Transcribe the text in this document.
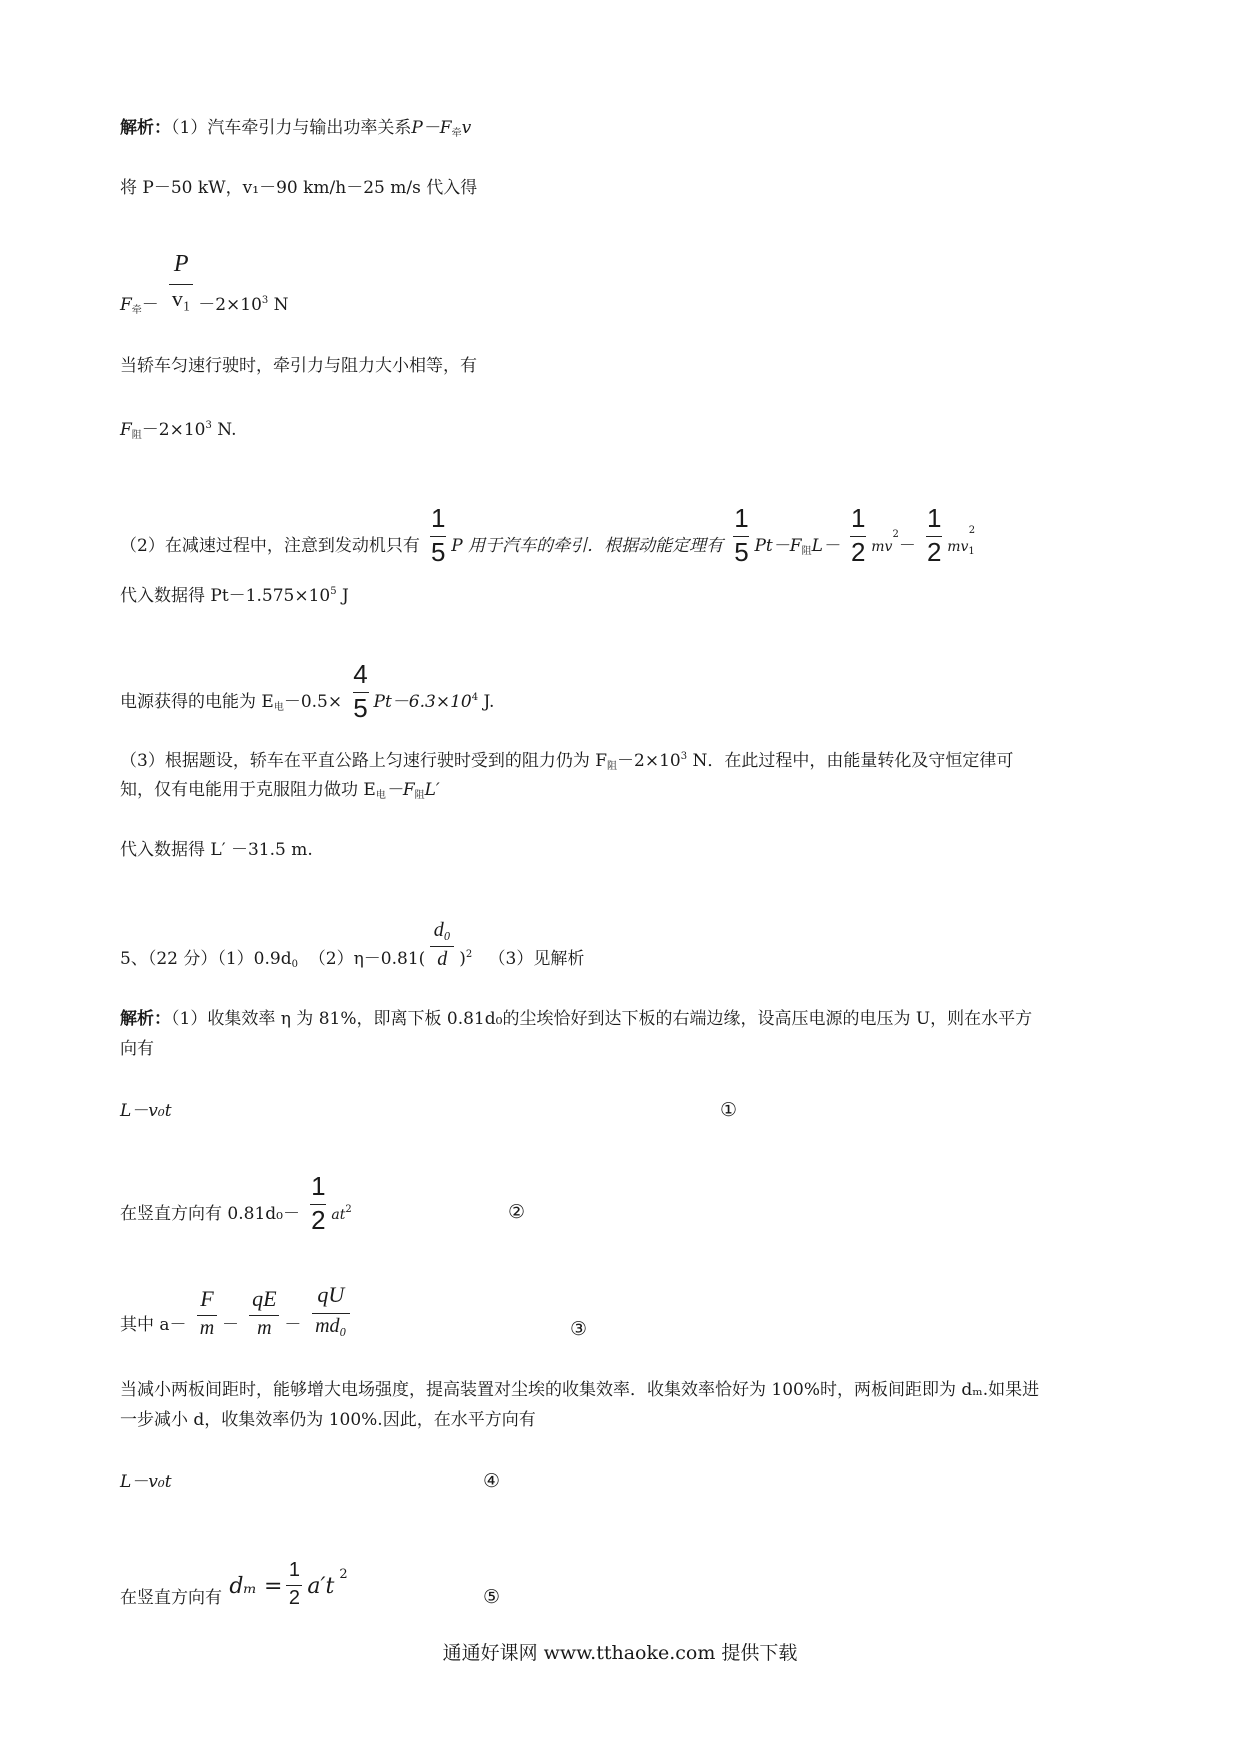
解析：（1）汽车牵引力与输出功率关系$P-F_牵v$
将 P－50 kW，v₁－90 km/h－25 m/s 代入得
$F_牵-$
$\frac{P}{\text{v₁}}$
$-2\times 10^3$ N
当轿车匀速行驶时，牵引力与阻力大小相等，有
$F_阻-2\times 10^3$ N.
（2）在减速过程中，注意到发动机只有
$\frac{1}{5}$
P 用于汽车的牵引．根据动能定理有
$\frac{1}{5}$
$Pt-F_阻L-$
$\frac{1}{2}$
$mv^2-$
$\frac{1}{2}$
$mv_1^2$
代入数据得 $Pt-1.575\times 10^5$ J
电源获得的电能为 $E_电-0.5\times$
$\frac{4}{5}$
$Pt-6.3\times 10^4$ J.
（3）根据题设，轿车在平直公路上匀速行驶时受到的阻力仍为 $F_阻-2\times 10^3$ N．在此过程中，由能量转化及守恒定律可
知，仅有电能用于克服阻力做功 $E_电-F_阻L'$
代入数据得 L′ －31.5 m.
5、（22 分）$(1)0.9d_0$ （2）η－0.81(
$\frac{\text{d₀}}{d}$
)$^2$ （3）见解析
解析：（1）收集效率 η 为 81%，即离下板 0.81d₀的尘埃恰好到达下板的右端边缘，设高压电源的电压为 U，则在水平方
向有
L－v₀t	①
在竖直方向有 0.81d₀－
$\frac{1}{2}$
$at^2$	②
其中 a－
$\frac{F}{m}$
－
$\frac{qE}{m}$
－
$\frac{qU}{\text{md₀}}$
③
当减小两板间距时，能够增大电场强度，提高装置对尘埃的收集效率．收集效率恰好为 100%时，两板间距即为 dₘ.如果进
一步减小 d，收集效率仍为 100%.因此，在水平方向有
L－v₀t	④
在竖直方向有 dₘ =
1
2 a′t 2
⑤
通通好课网 www.tthaoke.com 提供下载
